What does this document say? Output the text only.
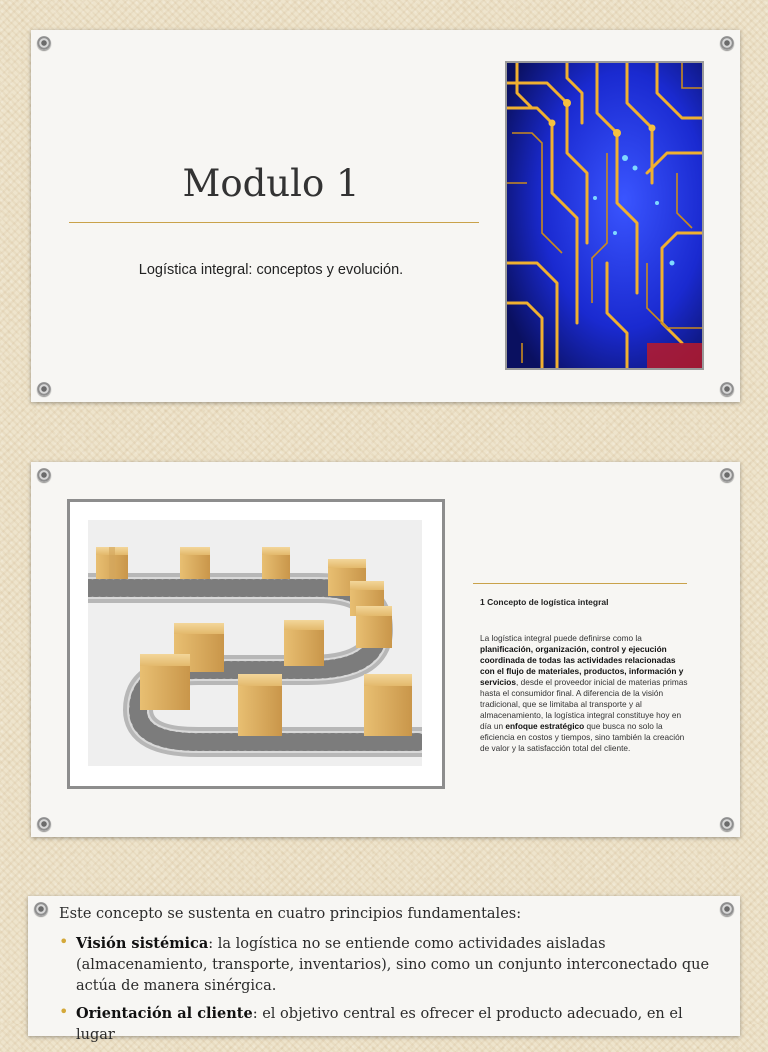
Modulo 1
Logística integral: conceptos y evolución.
1 Concepto de logística integral
La logística integral puede definirse como la planificación, organización, control y ejecución coordinada de todas las actividades relacionadas con el flujo de materiales, productos, información y servicios, desde el proveedor inicial de materias primas hasta el consumidor final. A diferencia de la visión tradicional, que se limitaba al transporte y al almacenamiento, la logística integral constituye hoy en día un enfoque estratégico que busca no solo la eficiencia en costos y tiempos, sino también la creación de valor y la satisfacción total del cliente.
Este concepto se sustenta en cuatro principios fundamentales:
• Visión sistémica: la logística no se entiende como actividades aisladas (almacenamiento, transporte, inventarios), sino como un conjunto interconectado que actúa de manera sinérgica.
• Orientación al cliente: el objetivo central es ofrecer el producto adecuado, en el lugar
